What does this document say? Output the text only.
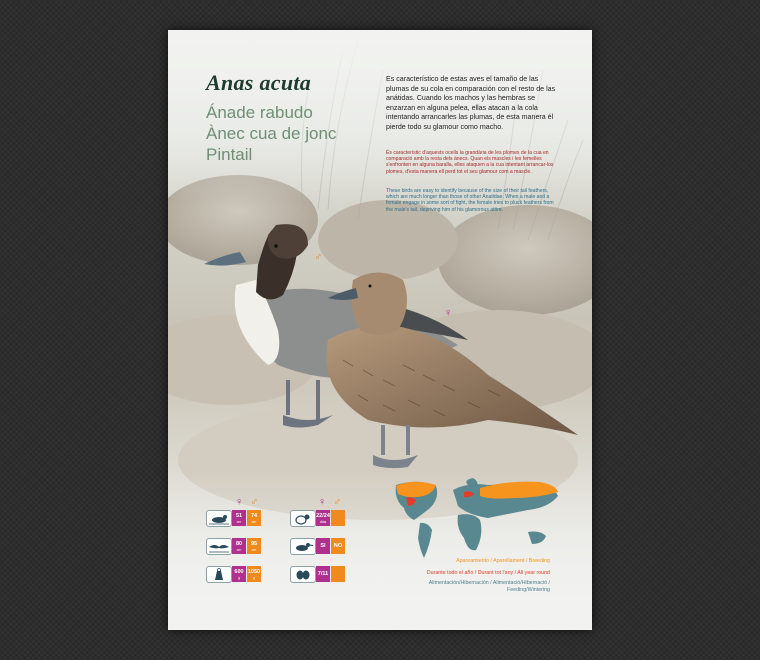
Anas acuta
Ánade rabudo
Ànec cua de jonc
Pintail
Es característico de estas aves el tamaño de las plumas de su cola en comparación con el resto de las anátidas. Cuando los machos y las hembras se enzarzan en alguna pelea, ellas atacan a la cola intentando arrancarles las plumas, de esta manera él pierde todo su glamour como macho.
És característic d'aquests ocells la grandària de les plomes de la cua en comparació amb la resta dels ànecs. Quan els mascles i les femelles s'enfronten en alguna baralla, elles ataquen a la cua intentant arrancar-los plomes, d'esta manera ell perd tot el seu glamour com a mascle.
These birds are easy to identify because of the size of their tail feathers, which are much longer than those of other Anatidae. When a male and a female engage in some sort of fight, the female tries to pluck feathers from the male's tail, depriving him of his glamorous attire.
♂
♀
♀ ♂	♀ ♂
51
cm
74
cm
80
cm
95
cm
600
g
1050
g
22/24
días
SI	NO
7/11
Apareamiento / Aparellament / Breeding
Durante todo el año / Durant tot l'any / All year round
Alimentación/Hibernación / Alimentació/Hibernació / Feeding/Wintering
